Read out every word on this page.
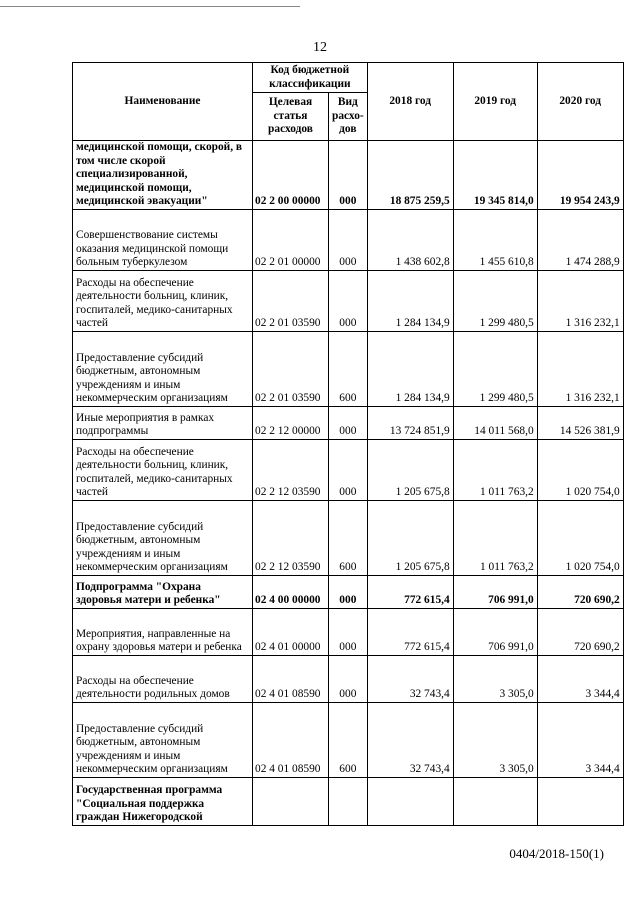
12
Наименование	Код бюджетной классификации		2018 год	2019 год	2020 год
	Целевая статья расходов	Вид расхо-дов			
медицинской помощи, скорой, в том числе скорой специализированной, медицинской помощи, медицинской эвакуации"	02 2 00 00000	000	18 875 259,5	19 345 814,0	19 954 243,9
Совершенствование системы оказания медицинской помощи больным туберкулезом	02 2 01 00000	000	1 438 602,8	1 455 610,8	1 474 288,9
Расходы на обеспечение деятельности больниц, клиник, госпиталей, медико-санитарных частей	02 2 01 03590	000	1 284 134,9	1 299 480,5	1 316 232,1
Предоставление субсидий бюджетным, автономным учреждениям и иным некоммерческим организациям	02 2 01 03590	600	1 284 134,9	1 299 480,5	1 316 232,1
Иные мероприятия в рамках подпрограммы	02 2 12 00000	000	13 724 851,9	14 011 568,0	14 526 381,9
Расходы на обеспечение деятельности больниц, клиник, госпиталей, медико-санитарных частей	02 2 12 03590	000	1 205 675,8	1 011 763,2	1 020 754,0
Предоставление субсидий бюджетным, автономным учреждениям и иным некоммерческим организациям	02 2 12 03590	600	1 205 675,8	1 011 763,2	1 020 754,0
Подпрограмма "Охрана здоровья матери и ребенка"	02 4 00 00000	000	772 615,4	706 991,0	720 690,2
Мероприятия, направленные на охрану здоровья матери и ребенка	02 4 01 00000	000	772 615,4	706 991,0	720 690,2
Расходы на обеспечение деятельности родильных домов	02 4 01 08590	000	32 743,4	3 305,0	3 344,4
Предоставление субсидий бюджетным, автономным учреждениям и иным некоммерческим организациям	02 4 01 08590	600	32 743,4	3 305,0	3 344,4
Государственная программа "Социальная поддержка граждан Нижегородской					
0404/2018-150(1)
